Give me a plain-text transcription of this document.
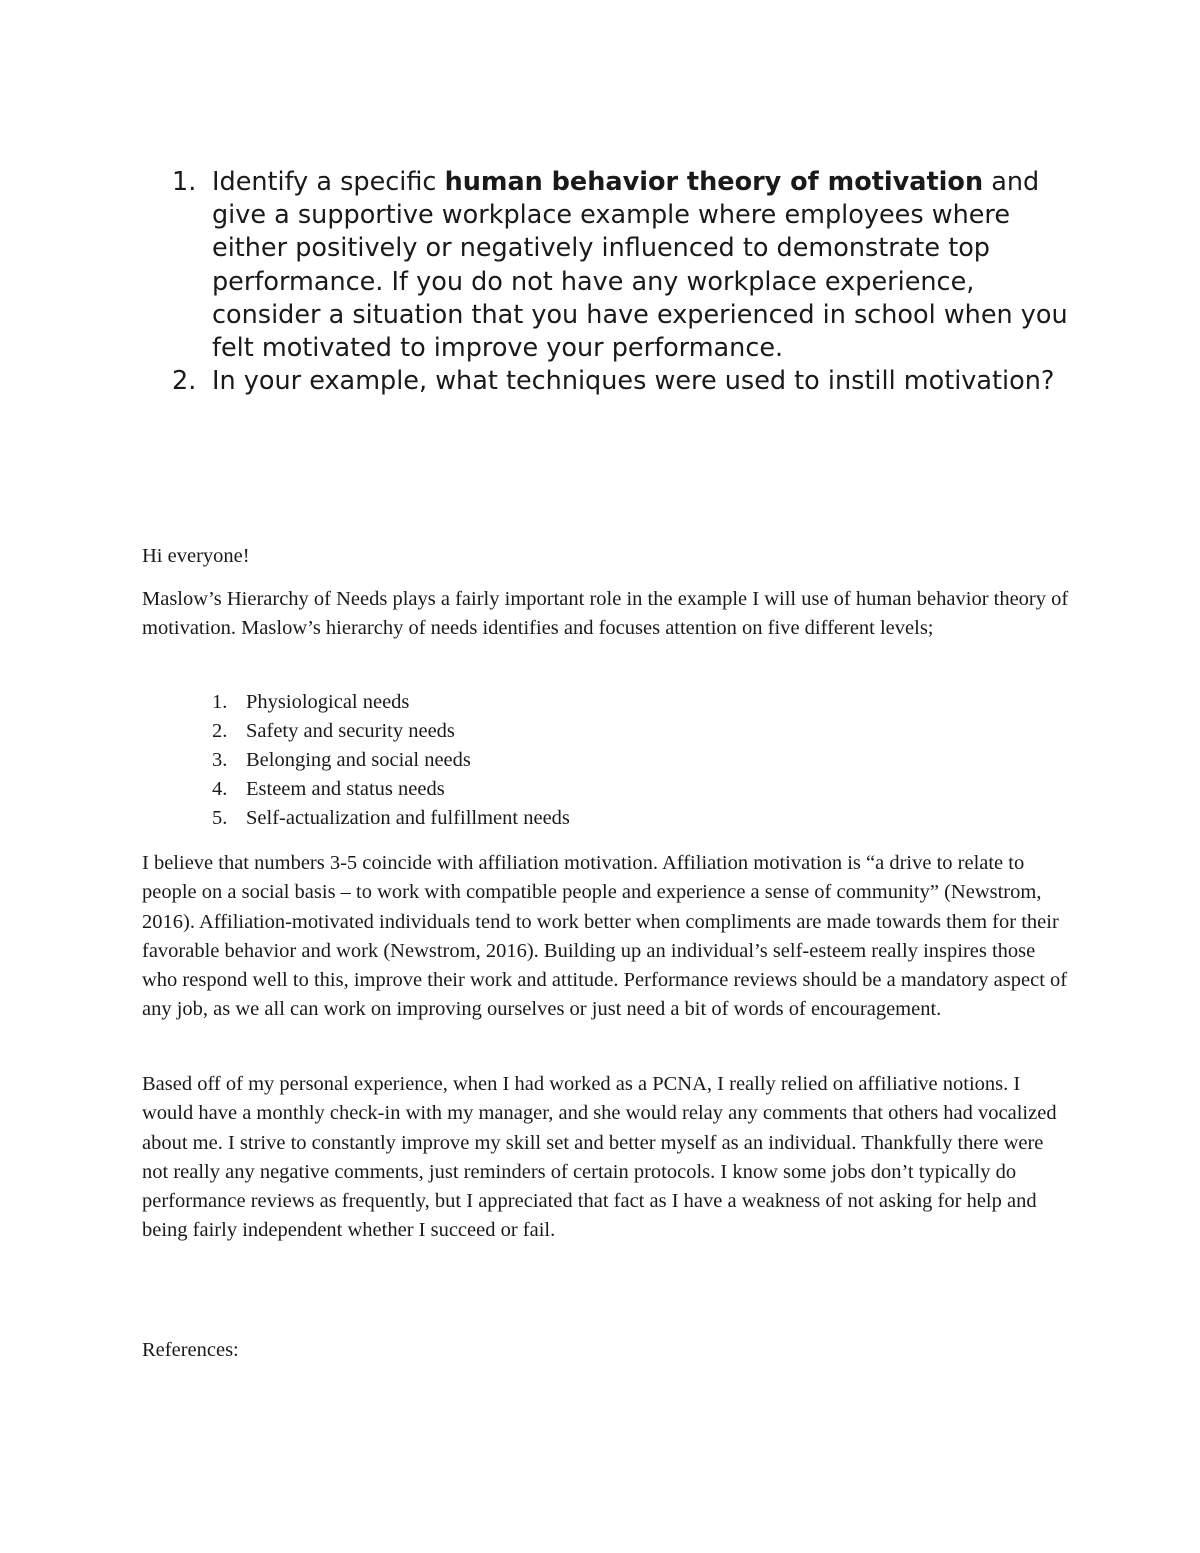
1. Identify a specific human behavior theory of motivation and give a supportive workplace example where employees where either positively or negatively influenced to demonstrate top performance. If you do not have any workplace experience, consider a situation that you have experienced in school when you felt motivated to improve your performance.
2. In your example, what techniques were used to instill motivation?

Hi everyone!

Maslow’s Hierarchy of Needs plays a fairly important role in the example I will use of human behavior theory of motivation. Maslow’s hierarchy of needs identifies and focuses attention on five different levels;

1. Physiological needs
2. Safety and security needs
3. Belonging and social needs
4. Esteem and status needs
5. Self-actualization and fulfillment needs

I believe that numbers 3-5 coincide with affiliation motivation. Affiliation motivation is “a drive to relate to people on a social basis – to work with compatible people and experience a sense of community” (Newstrom, 2016). Affiliation-motivated individuals tend to work better when compliments are made towards them for their favorable behavior and work (Newstrom, 2016). Building up an individual’s self-esteem really inspires those who respond well to this, improve their work and attitude. Performance reviews should be a mandatory aspect of any job, as we all can work on improving ourselves or just need a bit of words of encouragement.

Based off of my personal experience, when I had worked as a PCNA, I really relied on affiliative notions. I would have a monthly check-in with my manager, and she would relay any comments that others had vocalized about me. I strive to constantly improve my skill set and better myself as an individual. Thankfully there were not really any negative comments, just reminders of certain protocols. I know some jobs don’t typically do performance reviews as frequently, but I appreciated that fact as I have a weakness of not asking for help and being fairly independent whether I succeed or fail.

References:
